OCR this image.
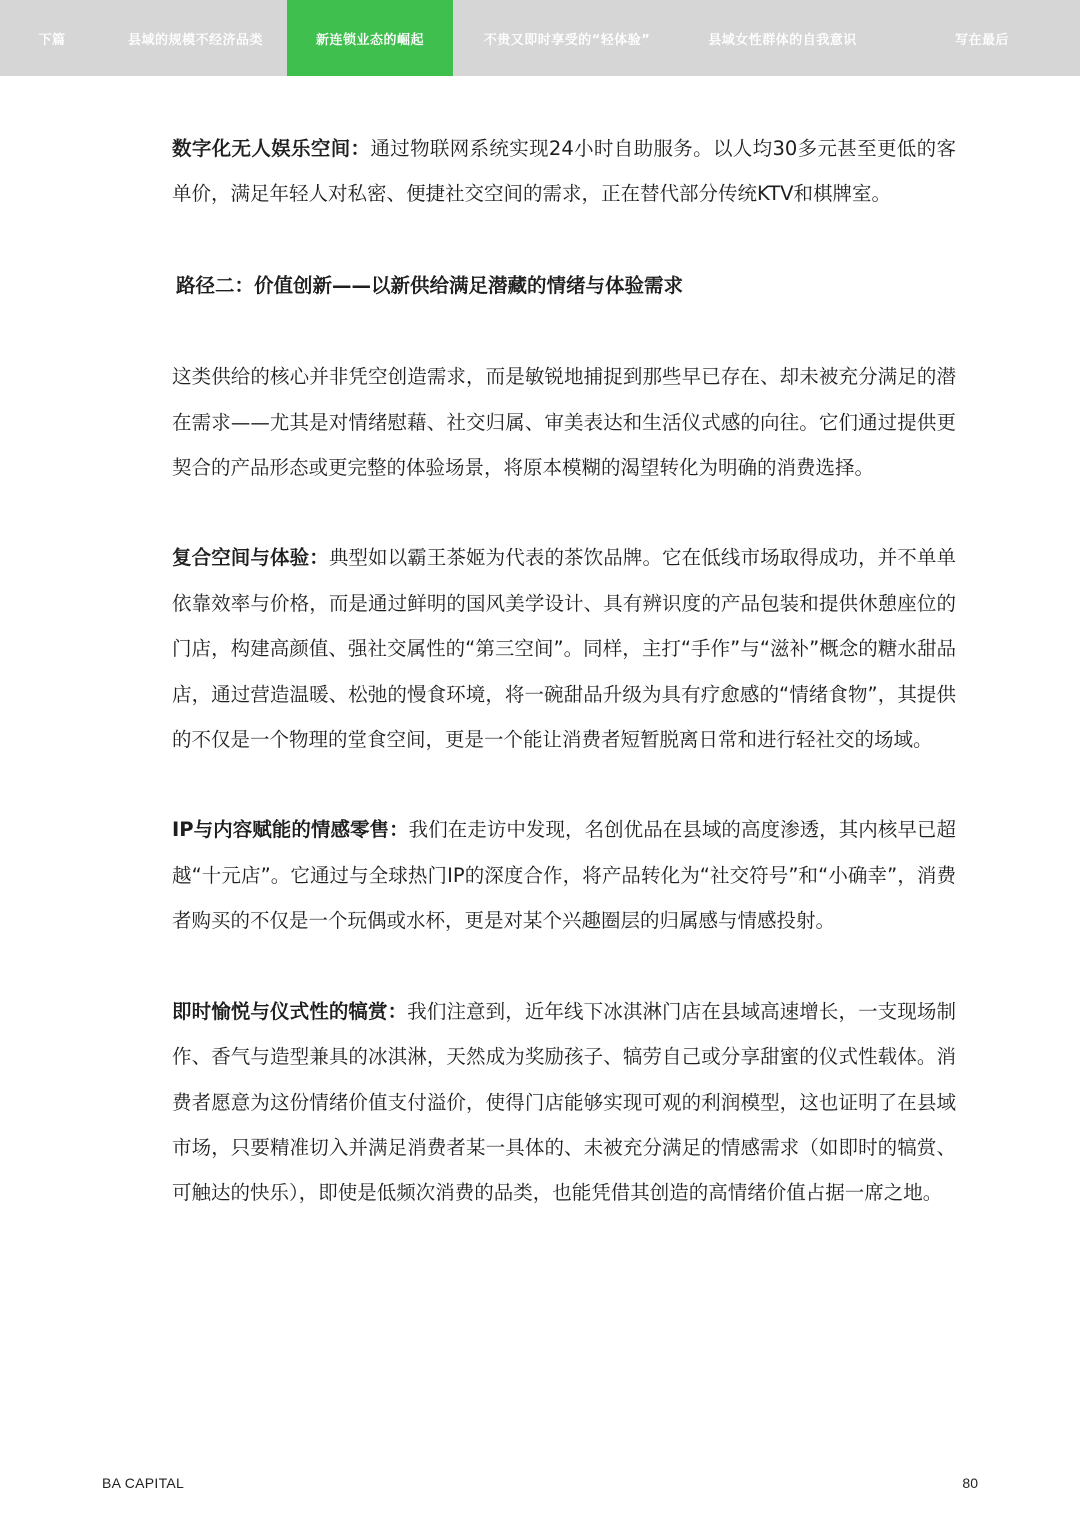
下篇	县域的规模不经济品类	新连锁业态的崛起	不贵又即时享受的“轻体验”	县域女性群体的自我意识	写在最后

数字化无人娱乐空间：通过物联网系统实现24小时自助服务。以人均30多元甚至更低的客单价，满足年轻人对私密、便捷社交空间的需求，正在替代部分传统KTV和棋牌室。

路径二：价值创新——以新供给满足潜藏的情绪与体验需求

这类供给的核心并非凭空创造需求，而是敏锐地捕捉到那些早已存在、却未被充分满足的潜在需求——尤其是对情绪慰藉、社交归属、审美表达和生活仪式感的向往。它们通过提供更契合的产品形态或更完整的体验场景，将原本模糊的渴望转化为明确的消费选择。

复合空间与体验：典型如以霸王茶姬为代表的茶饮品牌。它在低线市场取得成功，并不单单依靠效率与价格，而是通过鲜明的国风美学设计、具有辨识度的产品包装和提供休憩座位的门店，构建高颜值、强社交属性的“第三空间”。同样，主打“手作”与“滋补”概念的糖水甜品店，通过营造温暖、松弛的慢食环境，将一碗甜品升级为具有疗愈感的“情绪食物”，其提供的不仅是一个物理的堂食空间，更是一个能让消费者短暂脱离日常和进行轻社交的场域。

IP与内容赋能的情感零售：我们在走访中发现，名创优品在县域的高度渗透，其内核早已超越“十元店”。它通过与全球热门IP的深度合作，将产品转化为“社交符号”和“小确幸”，消费者购买的不仅是一个玩偶或水杯，更是对某个兴趣圈层的归属感与情感投射。

即时愉悦与仪式性的犒赏：我们注意到，近年线下冰淇淋门店在县域高速增长，一支现场制作、香气与造型兼具的冰淇淋，天然成为奖励孩子、犒劳自己或分享甜蜜的仪式性载体。消费者愿意为这份情绪价值支付溢价，使得门店能够实现可观的利润模型，这也证明了在县域市场，只要精准切入并满足消费者某一具体的、未被充分满足的情感需求（如即时的犒赏、可触达的快乐），即使是低频次消费的品类，也能凭借其创造的高情绪价值占据一席之地。

BA CAPITAL	80
